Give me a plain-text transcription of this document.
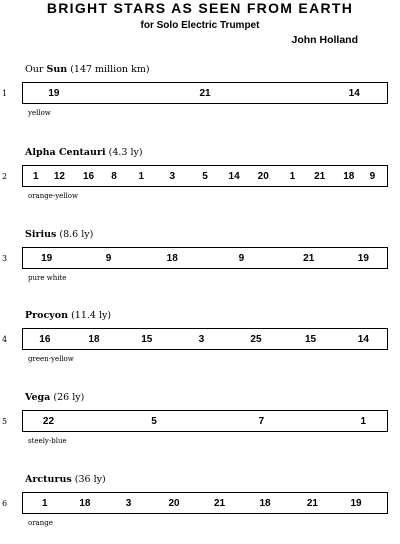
BRIGHT STARS AS SEEN FROM EARTH
for Solo Electric Trumpet
John Holland
Our Sun (147 million km)
1	19	21	14
yellow
Alpha Centauri (4.3 ly)
2	1 12 16 8 1	3	5 14 20 1 21 18 9
orange-yellow
Sirius (8.6 ly)
3	19	9	18	9	21	19
pure white
Procyon (11.4 ly)
4	16	18	15	3	25	15	14
green-yellow
Vega (26 ly)
5	22	5	7	1
steely-blue
Arcturus (36 ly)
6	1	18	3	20	21	18	21	19
orange
